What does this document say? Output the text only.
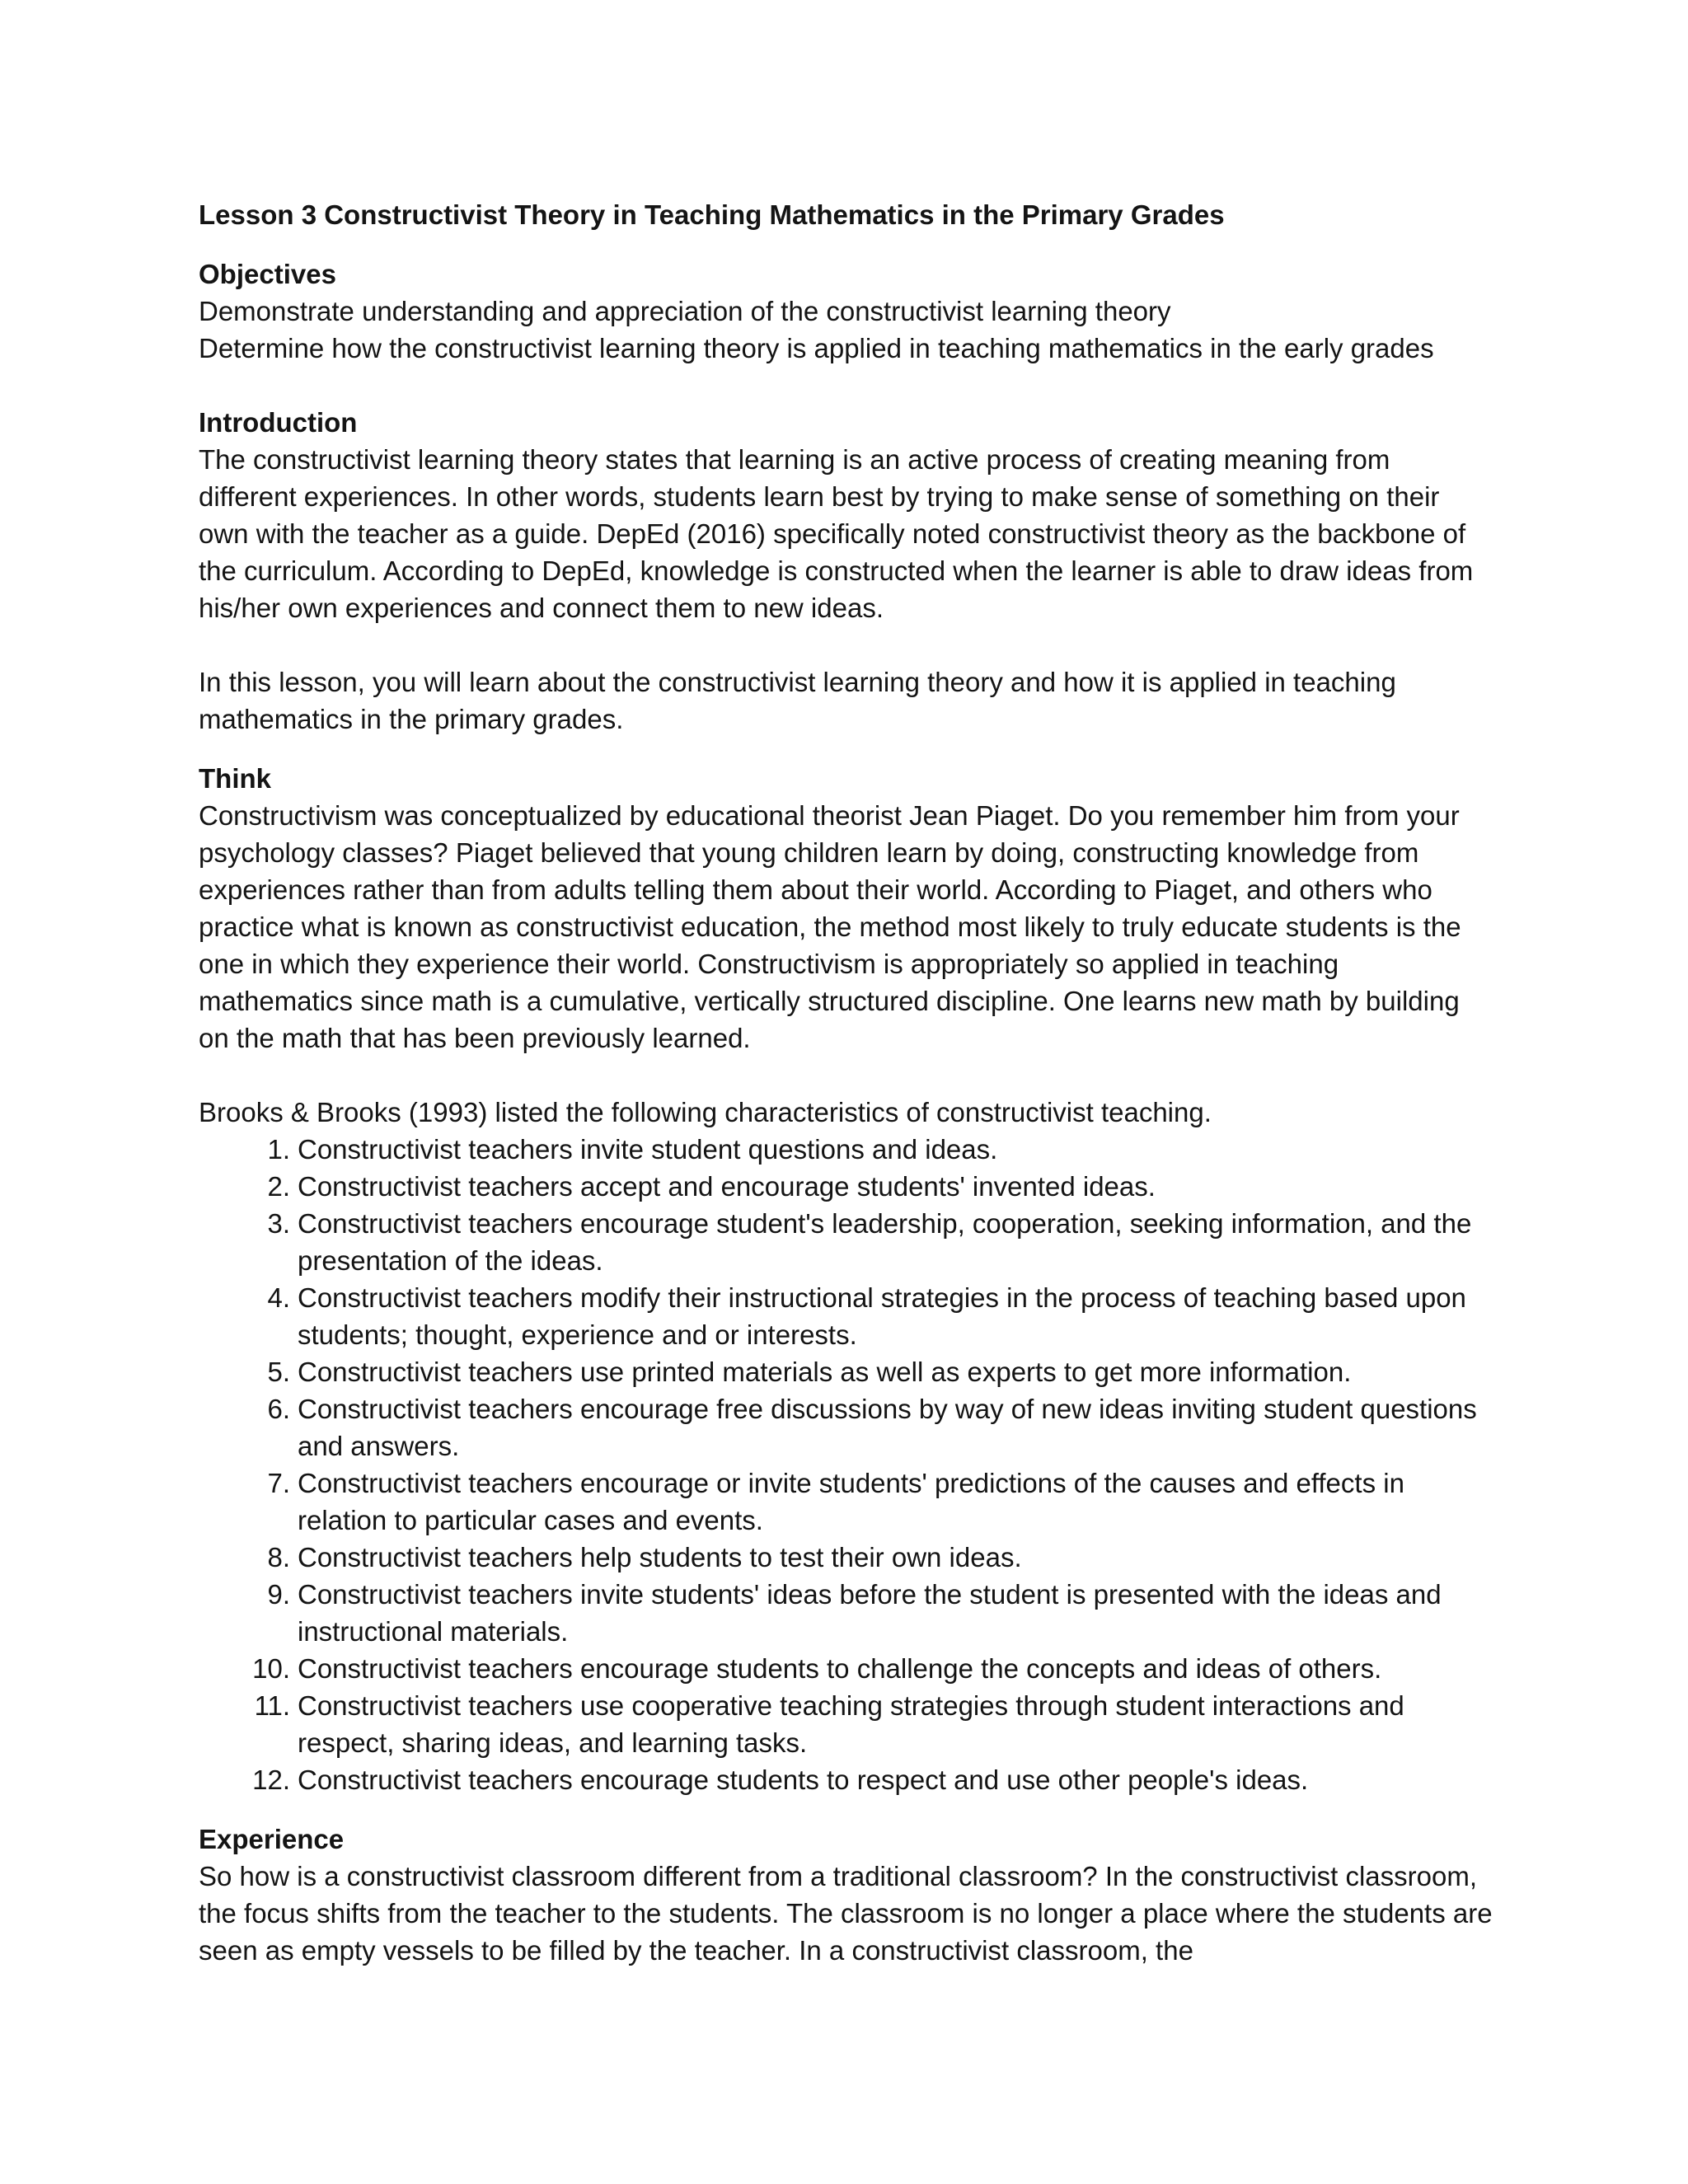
Lesson 3 Constructivist Theory in Teaching Mathematics in the Primary Grades

Objectives

Demonstrate understanding and appreciation of the constructivist learning theory

Determine how the constructivist learning theory is applied in teaching mathematics in the early grades

Introduction

The constructivist learning theory states that learning is an active process of creating meaning from different experiences. In other words, students learn best by trying to make sense of something on their own with the teacher as a guide. DepEd (2016) specifically noted constructivist theory as the backbone of the curriculum. According to DepEd, knowledge is constructed when the learner is able to draw ideas from his/her own experiences and connect them to new ideas.

In this lesson, you will learn about the constructivist learning theory and how it is applied in teaching mathematics in the primary grades.

Think

Constructivism was conceptualized by educational theorist Jean Piaget. Do you remember him from your psychology classes? Piaget believed that young children learn by doing, constructing knowledge from experiences rather than from adults telling them about their world. According to Piaget, and others who practice what is known as constructivist education, the method most likely to truly educate students is the one in which they experience their world. Constructivism is appropriately so applied in teaching mathematics since math is a cumulative, vertically structured discipline. One learns new math by building on the math that has been previously learned.

Brooks & Brooks (1993) listed the following characteristics of constructivist teaching.

1. Constructivist teachers invite student questions and ideas.
2. Constructivist teachers accept and encourage students' invented ideas.
3. Constructivist teachers encourage student's leadership, cooperation, seeking information, and the presentation of the ideas.
4. Constructivist teachers modify their instructional strategies in the process of teaching based upon students; thought, experience and or interests.
5. Constructivist teachers use printed materials as well as experts to get more information.
6. Constructivist teachers encourage free discussions by way of new ideas inviting student questions and answers.
7. Constructivist teachers encourage or invite students' predictions of the causes and effects in relation to particular cases and events.
8. Constructivist teachers help students to test their own ideas.
9. Constructivist teachers invite students' ideas before the student is presented with the ideas and instructional materials.
10. Constructivist teachers encourage students to challenge the concepts and ideas of others.
11. Constructivist teachers use cooperative teaching strategies through student interactions and respect, sharing ideas, and learning tasks.
12. Constructivist teachers encourage students to respect and use other people's ideas.

Experience

So how is a constructivist classroom different from a traditional classroom? In the constructivist classroom, the focus shifts from the teacher to the students. The classroom is no longer a place where the students are seen as empty vessels to be filled by the teacher. In a constructivist classroom, the
